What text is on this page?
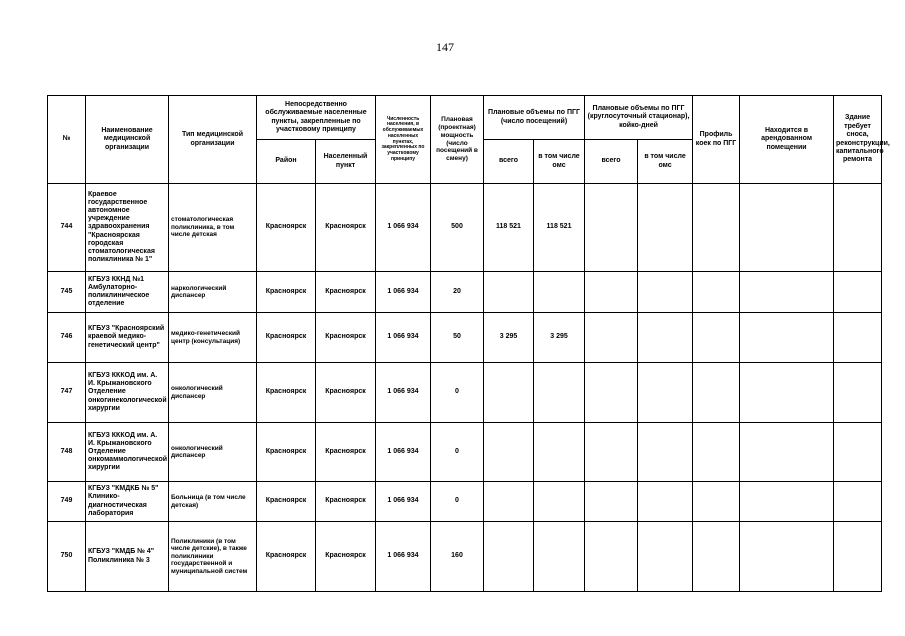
147
№	Наименование медицинской организации	Тип медицинской организации	Непосредственно обслуживаемые населенные пункты, закрепленные по участковому принципу		Численность населения, в обслуживаемых населенных пунктах, закрепленных по участковому принципу	Плановая (проектная) мощность (число посещений в смену)	Плановые объемы по ПГГ (число посещений)		Плановые объемы по ПГГ (круглосуточный стационар), койко-дней		Профиль коек по ПГГ	Находится в арендованном помещении	Здание требует сноса, реконструкции, капитального ремонта
			Район	Населенный пункт			всего	в том числе омс	всего	в том числе омс			
744	Краевое государственное автономное учреждение здравоохранения "Красноярская городская стоматологическая поликлиника № 1"	стоматологическая поликлиника, в том числе детская	Красноярск	Красноярск	1 066 934	500	118 521	118 521					
745	КГБУЗ ККНД №1 Амбулаторно-поликлиническое отделение	наркологический диспансер	Красноярск	Красноярск	1 066 934	20							
746	КГБУЗ "Красноярский краевой медико-генетический центр"	медико-генетический центр (консультация)	Красноярск	Красноярск	1 066 934	50	3 295	3 295					
747	КГБУЗ КККОД им. А. И. Крыжановского Отделение онкогинекологической хирургии	онкологический диспансер	Красноярск	Красноярск	1 066 934	0							
748	КГБУЗ КККОД им. А. И. Крыжановского Отделение онкомаммологической хирургии	онкологический диспансер	Красноярск	Красноярск	1 066 934	0							
749	КГБУЗ "КМДКБ № 5" Клинико-диагностическая лаборатория	Больница (в том числе детская)	Красноярск	Красноярск	1 066 934	0							
750	КГБУЗ "КМДБ № 4" Поликлиника № 3	Поликлиники (в том числе детские), в также поликлиники государственной и муниципальной систем	Красноярск	Красноярск	1 066 934	160							
